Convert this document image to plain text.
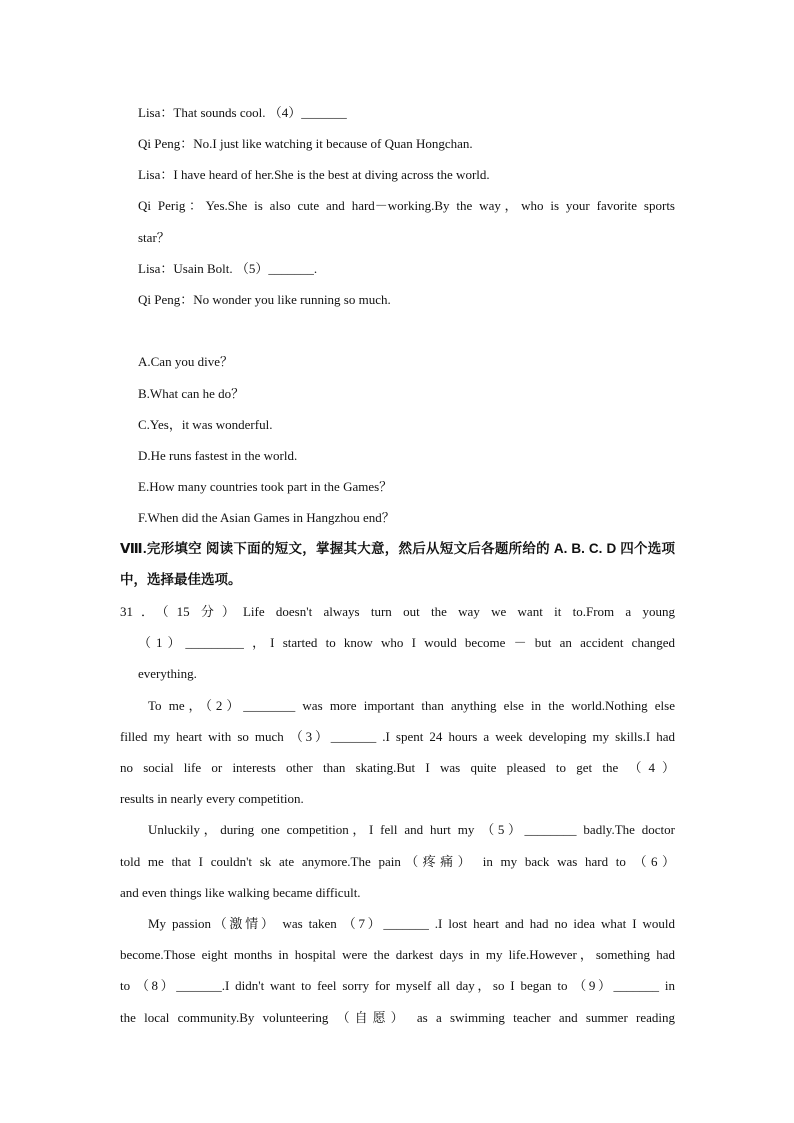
Lisa：That sounds cool. （4）_______
Qi Peng：No.I just like watching it because of Quan Hongchan.
Lisa：I have heard of her.She is the best at diving across the world.
Qi Perig：Yes.She is also cute and hard－working.By the way，who is your favorite sports
star？
Lisa：Usain Bolt. （5）_______.
Qi Peng：No wonder you like running so much.
A.Can you dive？
B.What can he do？
C.Yes，it was wonderful.
D.He runs fastest in the world.
E.How many countries took part in the Games？
F.When did the Asian Games in Hangzhou end？
Ⅷ.完形填空 阅读下面的短文，掌握其大意，然后从短文后各题所给的 A. B. C. D 四个选项
中，选择最佳选项。
31．（15 分）Life doesn't always turn out the way we want it to.From a young
（1）_________ ，I started to know who I would become － but an accident changed
everything.
To me，（2）________ was more important than anything else in the world.Nothing else
filled my heart with so much （3）_______ .I spent 24 hours a week developing my skills.I had
no social life or interests other than skating.But I was quite pleased to get the （4）
results in nearly every competition.
Unluckily，during one competition，I fell and hurt my （5）________ badly.The doctor
told me that I couldn't sk ate anymore.The pain（疼痛） in my back was hard to （6）
and even things like walking became difficult.
My passion（激情） was taken （7）_______ .I lost heart and had no idea what I would
become.Those eight months in hospital were the darkest days in my life.However，something had
to （8）_______.I didn't want to feel sorry for myself all day，so I began to （9）_______ in
the local community.By volunteering （自愿） as a swimming teacher and summer reading
